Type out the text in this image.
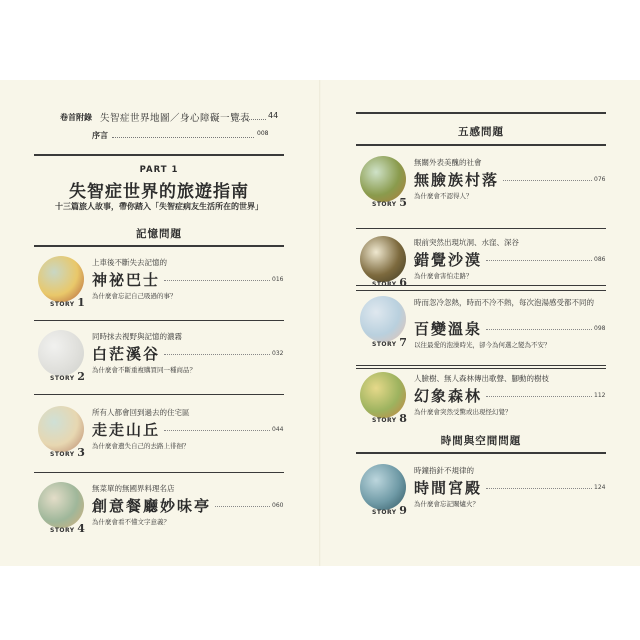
卷首附錄 失智症世界地圖／身心障礙一覽表 44
序言	008
PART 1
失智症世界的旅遊指南
十三篇旅人故事，帶你踏入「失智症病友生活所在的世界」
記憶問題
五感問題
時間與空間問題
STORY 1
上車後不斷失去記憶的
神祕巴士	016
為什麼會忘記自己吸過的事？
STORY 2
同時抹去視野與記憶的濃霧
白茫溪谷	032
為什麼會不斷重複購買同一種商品？
STORY 3
所有人都會回到過去的住宅區
走走山丘	044
為什麼會遺失自己的去路上徘徊？
STORY 4
無菜單的無國界料理名店
創意餐廳妙味亭	060
為什麼會看不懂文字意義？
STORY 5
無關外表美醜的社會
無臉族村落	076
為什麼會不認得人？
STORY 6
眼前突然出現坑洞、水窪、深谷
錯覺沙漠	086
為什麼會害怕走路？
STORY 7
時而忽冷忽熱，時而不冷不熱，每次泡湯感受都不同的
百變溫泉	098
以往最愛的泡澡時光，卻今為何選之變為不安？
STORY 8
人臉樹、無人森林傳出歌聲、腳動的樹枝
幻象森林	112
為什麼會突然受驚或出現怪幻覺？
STORY 9
時鐘指針不規律的
時間宮殿	124
為什麼會忘記關爐火？
